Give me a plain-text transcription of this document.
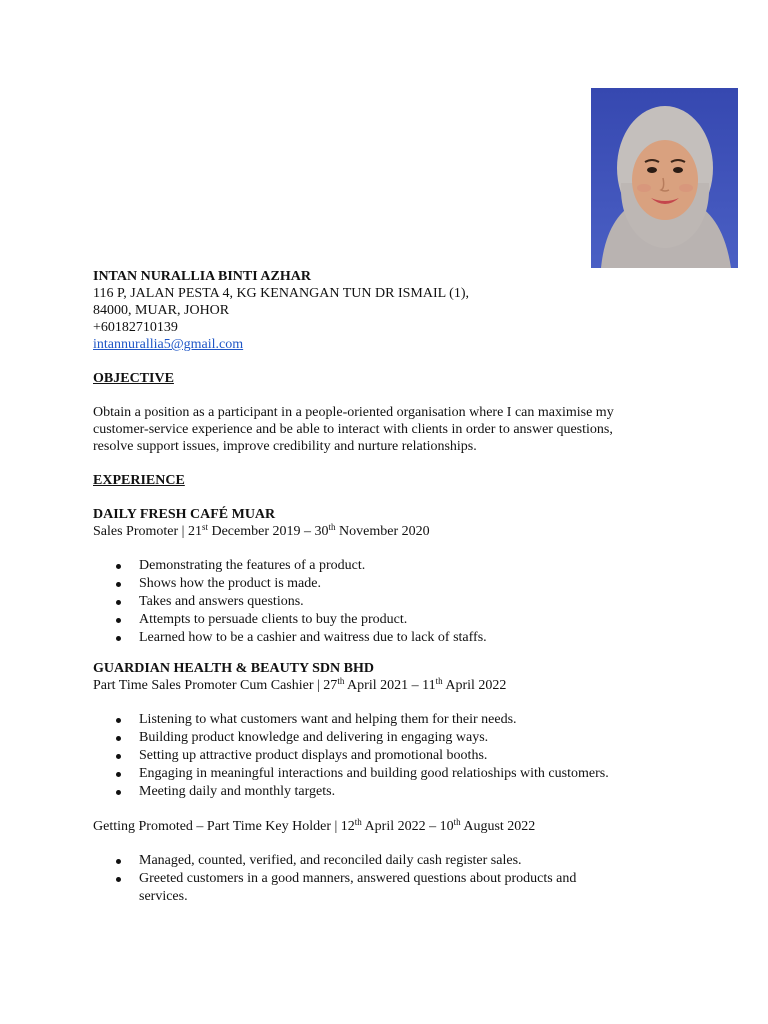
INTAN NURALLIA BINTI AZHAR
116 P, JALAN PESTA 4, KG KENANGAN TUN DR ISMAIL (1),
84000, MUAR, JOHOR
+60182710139
intannurallia5@gmail.com
OBJECTIVE
Obtain a position as a participant in a people-oriented organisation where I can maximise my
customer-service experience and be able to interact with clients in order to answer questions,
resolve support issues, improve credibility and nurture relationships.
EXPERIENCE
DAILY FRESH CAFÉ MUAR
Sales Promoter | 21st December 2019 – 30th November 2020
Demonstrating the features of a product.
Shows how the product is made.
Takes and answers questions.
Attempts to persuade clients to buy the product.
Learned how to be a cashier and waitress due to lack of staffs.
GUARDIAN HEALTH & BEAUTY SDN BHD
Part Time Sales Promoter Cum Cashier | 27th April 2021 – 11th April 2022
Listening to what customers want and helping them for their needs.
Building product knowledge and delivering in engaging ways.
Setting up attractive product displays and promotional booths.
Engaging in meaningful interactions and building good relatioships with customers.
Meeting daily and monthly targets.
Getting Promoted – Part Time Key Holder | 12th April 2022 – 10th August 2022
Managed, counted, verified, and reconciled daily cash register sales.
Greeted customers in a good manners, answered questions about products and services.
